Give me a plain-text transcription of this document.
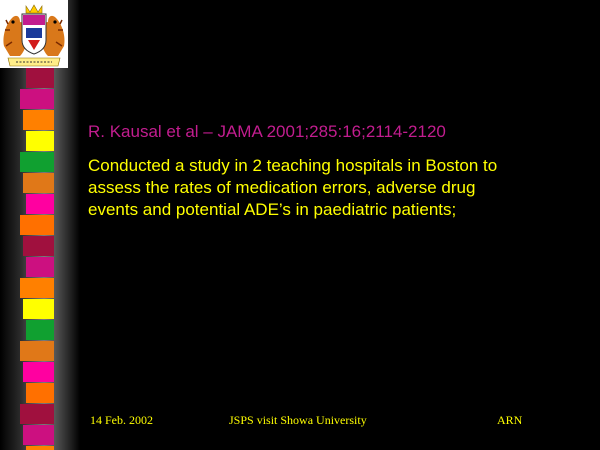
R. Kausal et al – JAMA 2001;285:16;2114-2120
Conducted a study in 2 teaching hospitals in Boston to assess the rates of medication errors, adverse drug events and potential ADE’s in paediatric patients;
14 Feb. 2002	JSPS visit Showa University	ARN
